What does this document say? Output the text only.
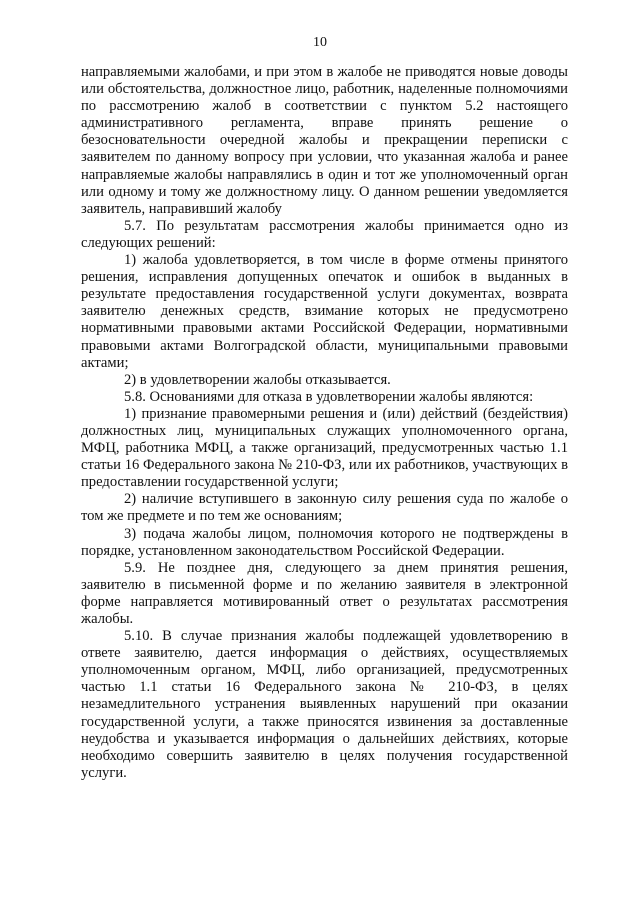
10

направляемыми жалобами, и при этом в жалобе не приводятся новые доводы или обстоятельства, должностное лицо, работник, наделенные полномочиями по рассмотрению жалоб в соответствии с пунктом 5.2 настоящего административного регламента, вправе принять решение о безосновательности очередной жалобы и прекращении переписки с заявителем по данному вопросу при условии, что указанная жалоба и ранее направляемые жалобы направлялись в один и тот же уполномоченный орган или одному и тому же должностному лицу. О данном решении уведомляется заявитель, направивший жалобу

5.7. По результатам рассмотрения жалобы принимается одно из следующих решений:

1) жалоба удовлетворяется, в том числе в форме отмены принятого решения, исправления допущенных опечаток и ошибок в выданных в результате предоставления государственной услуги документах, возврата заявителю денежных средств, взимание которых не предусмотрено нормативными правовыми актами Российской Федерации, нормативными правовыми актами Волгоградской области, муниципальными правовыми актами;

2) в удовлетворении жалобы отказывается.

5.8. Основаниями для отказа в удовлетворении жалобы являются:

1) признание правомерными решения и (или) действий (бездействия) должностных лиц, муниципальных служащих уполномоченного органа, МФЦ, работника МФЦ, а также организаций, предусмотренных частью 1.1 статьи 16 Федерального закона № 210-ФЗ, или их работников, участвующих в предоставлении государственной услуги;

2) наличие вступившего в законную силу решения суда по жалобе о том же предмете и по тем же основаниям;

3) подача жалобы лицом, полномочия которого не подтверждены в порядке, установленном законодательством Российской Федерации.

5.9. Не позднее дня, следующего за днем принятия решения, заявителю в письменной форме и по желанию заявителя в электронной форме направляется мотивированный ответ о результатах рассмотрения жалобы.

5.10. В случае признания жалобы подлежащей удовлетворению в ответе заявителю, дается информация о действиях, осуществляемых уполномоченным органом, МФЦ, либо организацией, предусмотренных частью 1.1 статьи 16 Федерального закона № 210-ФЗ, в целях незамедлительного устранения выявленных нарушений при оказании государственной услуги, а также приносятся извинения за доставленные неудобства и указывается информация о дальнейших действиях, которые необходимо совершить заявителю в целях получения государственной услуги.
